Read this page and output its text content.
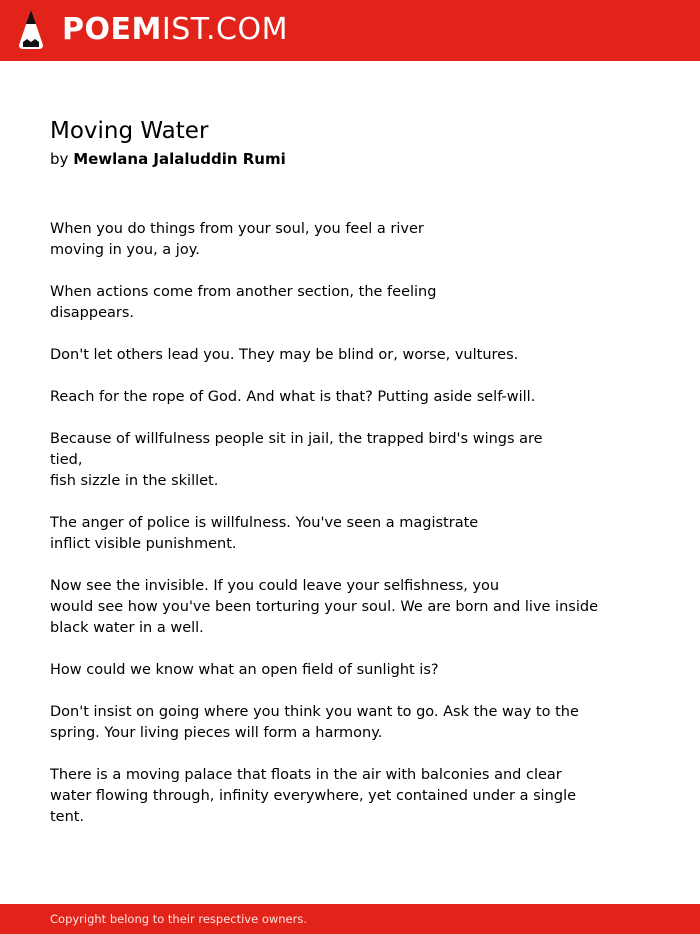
POEMIST.COM
Moving Water
by Mewlana Jalaluddin Rumi
When you do things from your soul, you feel a river
moving in you, a joy.
When actions come from another section, the feeling
disappears.
Don't let others lead you. They may be blind or, worse, vultures.
Reach for the rope of God. And what is that? Putting aside self-will.
Because of willfulness people sit in jail, the trapped bird's wings are
tied,
fish sizzle in the skillet.
The anger of police is willfulness. You've seen a magistrate
inflict visible punishment.
Now see the invisible. If you could leave your selfishness, you
would see how you've been torturing your soul. We are born and live inside
black water in a well.
How could we know what an open field of sunlight is?
Don't insist on going where you think you want to go. Ask the way to the
spring. Your living pieces will form a harmony.
There is a moving palace that floats in the air with balconies and clear
water flowing through, infinity everywhere, yet contained under a single
tent.
Copyright belong to their respective owners.
